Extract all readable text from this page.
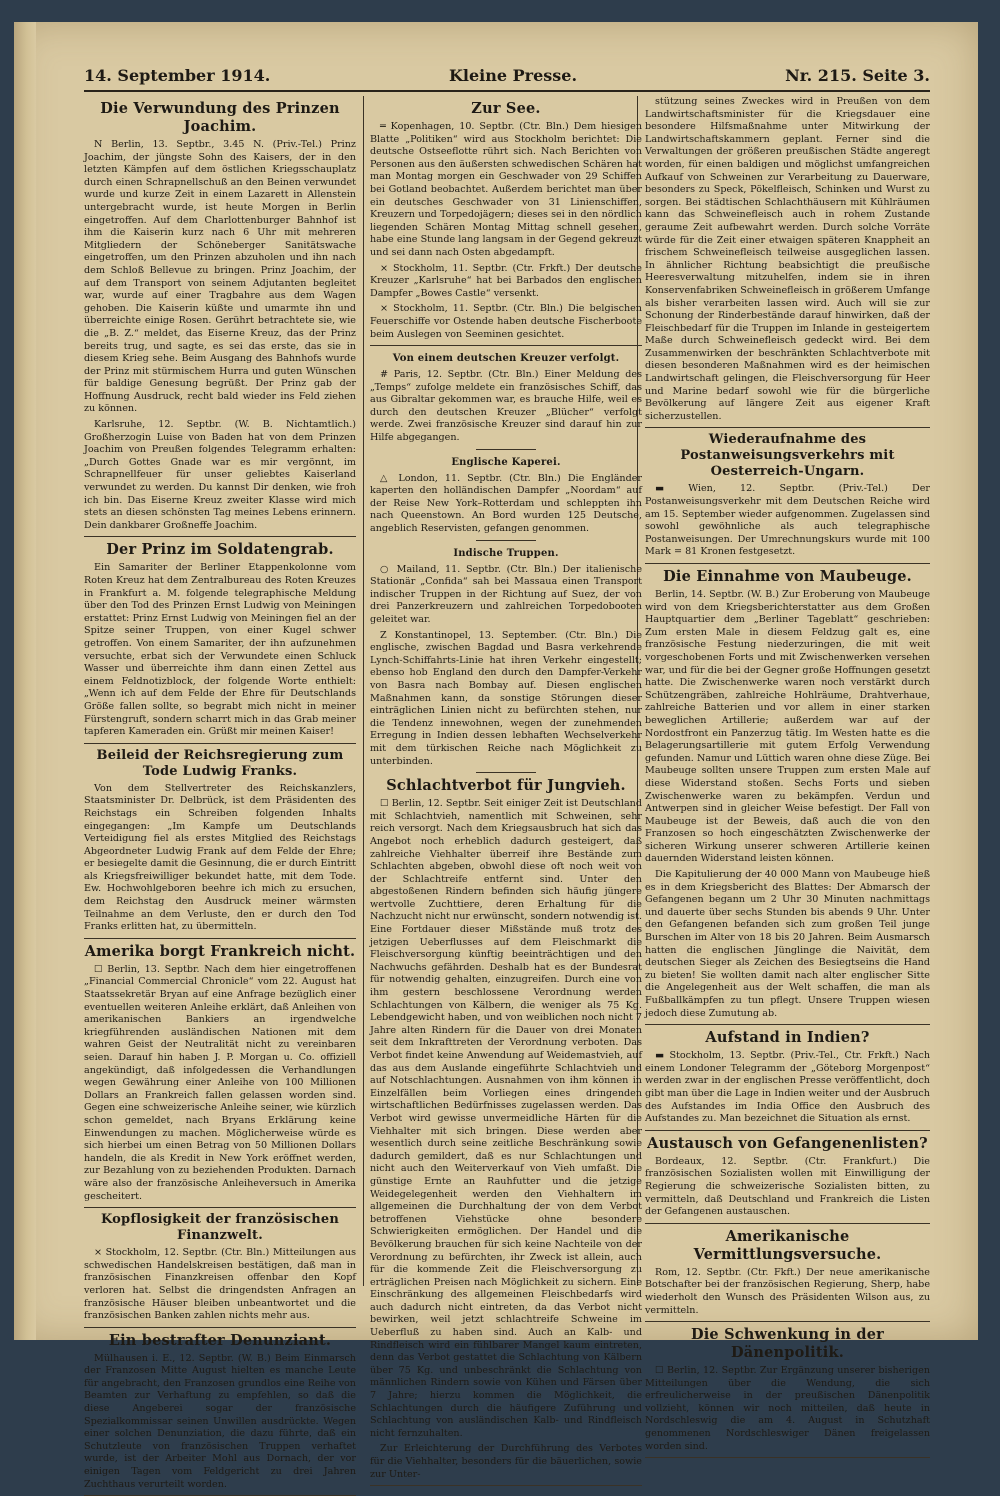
14. September 1914.	Kleine Presse.	Nr. 215. Seite 3.
Die Verwundung des Prinzen Joachim.

N Berlin, 13. Septbr., 3.45 N. (Priv.-Tel.) Prinz Joachim, der jüngste Sohn des Kaisers, der in den letzten Kämpfen auf dem östlichen Kriegsschauplatz durch einen Schrapnellschuß an den Beinen verwundet wurde und kurze Zeit in einem Lazarett in Allenstein untergebracht wurde, ist heute Morgen in Berlin eingetroffen. Auf dem Charlottenburger Bahnhof ist ihm die Kaiserin kurz nach 6 Uhr mit mehreren Mitgliedern der Schöneberger Sanitätswache eingetroffen, um den Prinzen abzuholen und ihn nach dem Schloß Bellevue zu bringen. Prinz Joachim, der auf dem Transport von seinem Adjutanten begleitet war, wurde auf einer Tragbahre aus dem Wagen gehoben. Die Kaiserin küßte und umarmte ihn und überreichte einige Rosen. Gerührt betrachtete sie, wie die „B. Z.“ meldet, das Eiserne Kreuz, das der Prinz bereits trug, und sagte, es sei das erste, das sie in diesem Krieg sehe. Beim Ausgang des Bahnhofs wurde der Prinz mit stürmischem Hurra und guten Wünschen für baldige Genesung begrüßt. Der Prinz gab der Hoffnung Ausdruck, recht bald wieder ins Feld ziehen zu können.

Karlsruhe, 12. Septbr. (W. B. Nichtamtlich.) Großherzogin Luise von Baden hat von dem Prinzen Joachim von Preußen folgendes Telegramm erhalten: „Durch Gottes Gnade war es mir vergönnt, im Schrapnellfeuer für unser geliebtes Kaiserland verwundet zu werden. Du kannst Dir denken, wie froh ich bin. Das Eiserne Kreuz zweiter Klasse wird mich stets an diesen schönsten Tag meines Lebens erinnern. Dein dankbarer Großneffe Joachim.

Der Prinz im Soldatengrab.

Ein Samariter der Berliner Etappenkolonne vom Roten Kreuz hat dem Zentralbureau des Roten Kreuzes in Frankfurt a. M. folgende telegraphische Meldung über den Tod des Prinzen Ernst Ludwig von Meiningen erstattet: Prinz Ernst Ludwig von Meiningen fiel an der Spitze seiner Truppen, von einer Kugel schwer getroffen. Von einem Samariter, der ihn aufzunehmen versuchte, erbat sich der Verwundete einen Schluck Wasser und überreichte ihm dann einen Zettel aus einem Feldnotizblock, der folgende Worte enthielt: „Wenn ich auf dem Felde der Ehre für Deutschlands Größe fallen sollte, so begrabt mich nicht in meiner Fürstengruft, sondern scharrt mich in das Grab meiner tapferen Kameraden ein. Grüßt mir meinen Kaiser!

Beileid der Reichsregierung zum Tode Ludwig Franks.

Von dem Stellvertreter des Reichskanzlers, Staatsminister Dr. Delbrück, ist dem Präsidenten des Reichstags ein Schreiben folgenden Inhalts eingegangen: „Im Kampfe um Deutschlands Verteidigung fiel als erstes Mitglied des Reichstags Abgeordneter Ludwig Frank auf dem Felde der Ehre; er besiegelte damit die Gesinnung, die er durch Eintritt als Kriegsfreiwilliger bekundet hatte, mit dem Tode. Ew. Hochwohlgeboren beehre ich mich zu ersuchen, dem Reichstag den Ausdruck meiner wärmsten Teilnahme an dem Verluste, den er durch den Tod Franks erlitten hat, zu übermitteln.

Amerika borgt Frankreich nicht.

☐ Berlin, 13. Septbr. Nach dem hier eingetroffenen „Financial Commercial Chronicle“ vom 22. August hat Staatssekretär Bryan auf eine Anfrage bezüglich einer eventuellen weiteren Anleihe erklärt, daß Anleihen von amerikanischen Bankiers an irgendwelche kriegführenden ausländischen Nationen mit dem wahren Geist der Neutralität nicht zu vereinbaren seien. Darauf hin haben J. P. Morgan u. Co. offiziell angekündigt, daß infolgedessen die Verhandlungen wegen Gewährung einer Anleihe von 100 Millionen Dollars an Frankreich fallen gelassen worden sind. Gegen eine schweizerische Anleihe seiner, wie kürzlich schon gemeldet, nach Bryans Erklärung keine Einwendungen zu machen. Möglicherweise würde es sich hierbei um einen Betrag von 50 Millionen Dollars handeln, die als Kredit in New York eröffnet werden, zur Bezahlung von zu beziehenden Produkten. Darnach wäre also der französische Anleiheversuch in Amerika gescheitert.

Kopflosigkeit der französischen Finanzwelt.

× Stockholm, 12. Septbr. (Ctr. Bln.) Mitteilungen aus schwedischen Handelskreisen bestätigen, daß man in französischen Finanzkreisen offenbar den Kopf verloren hat. Selbst die dringendsten Anfragen an französische Häuser bleiben unbeantwortet und die französischen Banken zahlen nichts mehr aus.

Ein bestrafter Denunziant.

Mülhausen i. E., 12. Septbr. (W. B.) Beim Einmarsch der Franzosen Mitte August hielten es manche Leute für angebracht, den Franzosen grundlos eine Reihe von Beamten zur Verhaftung zu empfehlen, so daß die diese Angeberei sogar der französische Spezialkommissar seinen Unwillen ausdrückte. Wegen einer solchen Denunziation, die dazu führte, daß ein Schutzleute von französischen Truppen verhaftet wurde, ist der Arbeiter Mohl aus Dornach, der vor einigen Tagen vom Feldgericht zu drei Jahren Zuchthaus verurteilt worden.

Zur See.

═ Kopenhagen, 10. Septbr. (Ctr. Bln.) Dem hiesigen Blatte „Politiken“ wird aus Stockholm berichtet: Die deutsche Ostseeflotte rührt sich. Nach Berichten von Personen aus den äußersten schwedischen Schären hat man Montag morgen ein Geschwader von 29 Schiffen bei Gotland beobachtet. Außerdem berichtet man über ein deutsches Geschwader von 31 Linienschiffen, Kreuzern und Torpedojägern; dieses sei in den nördlich liegenden Schären Montag Mittag schnell gesehen, habe eine Stunde lang langsam in der Gegend gekreuzt und sei dann nach Osten abgedampft.

× Stockholm, 11. Septbr. (Ctr. Frkft.) Der deutsche Kreuzer „Karlsruhe“ hat bei Barbados den englischen Dampfer „Bowes Castle“ versenkt.

× Stockholm, 11. Septbr. (Ctr. Bln.) Die belgischen Feuerschiffe vor Ostende haben deutsche Fischerboote beim Auslegen von Seeminen gesichtet.

Von einem deutschen Kreuzer verfolgt.

# Paris, 12. Septbr. (Ctr. Bln.) Einer Meldung des „Temps“ zufolge meldete ein französisches Schiff, das aus Gibraltar gekommen war, es brauche Hilfe, weil es durch den deutschen Kreuzer „Blücher“ verfolgt werde. Zwei französische Kreuzer sind darauf hin zur Hilfe abgegangen.

Englische Kaperei.

△ London, 11. Septbr. (Ctr. Bln.) Die Engländer kaperten den holländischen Dampfer „Noordam“ auf der Reise New York–Rotterdam und schleppten ihn nach Queenstown. An Bord wurden 125 Deutsche, angeblich Reservisten, gefangen genommen.

Indische Truppen.

○ Mailand, 11. Septbr. (Ctr. Bln.) Der italienische Stationär „Confida“ sah bei Massaua einen Transport indischer Truppen in der Richtung auf Suez, der von drei Panzerkreuzern und zahlreichen Torpedobooten geleitet war.

Z Konstantinopel, 13. September. (Ctr. Bln.) Die englische, zwischen Bagdad und Basra verkehrende Lynch-Schiffahrts-Linie hat ihren Verkehr eingestellt; ebenso hob England den durch den Dampfer-Verkehr von Basra nach Bombay auf. Diesen englischen Maßnahmen kann, da sonstige Störungen dieser einträglichen Linien nicht zu befürchten stehen, nur die Tendenz innewohnen, wegen der zunehmenden Erregung in Indien dessen lebhaften Wechselverkehr mit dem türkischen Reiche nach Möglichkeit zu unterbinden.

Schlachtverbot für Jungvieh.

☐ Berlin, 12. Septbr. Seit einiger Zeit ist Deutschland mit Schlachtvieh, namentlich mit Schweinen, sehr reich versorgt. Nach dem Kriegsausbruch hat sich das Angebot noch erheblich dadurch gesteigert, daß zahlreiche Viehhalter überreif ihre Bestände zum Schlachten abgeben, obwohl diese oft noch weit von der Schlachtreife entfernt sind. Unter den abgestoßenen Rindern befinden sich häufig jüngere wertvolle Zuchttiere, deren Erhaltung für die Nachzucht nicht nur erwünscht, sondern notwendig ist. Eine Fortdauer dieser Mißstände muß trotz des jetzigen Ueberflusses auf dem Fleischmarkt die Fleischversorgung künftig beeinträchtigen und den Nachwuchs gefährden. Deshalb hat es der Bundesrat für notwendig gehalten, einzugreifen. Durch eine von ihm gestern beschlossene Verordnung werden Schlachtungen von Kälbern, die weniger als 75 Kg. Lebendgewicht haben, und von weiblichen noch nicht 7 Jahre alten Rindern für die Dauer von drei Monaten seit dem Inkrafttreten der Verordnung verboten. Das Verbot findet keine Anwendung auf Weidemastvieh, auf das aus dem Auslande eingeführte Schlachtvieh und auf Notschlachtungen. Ausnahmen von ihm können in Einzelfällen beim Vorliegen eines dringenden wirtschaftlichen Bedürfnisses zugelassen werden. Das Verbot wird gewisse unvermeidliche Härten für die Viehhalter mit sich bringen. Diese werden aber wesentlich durch seine zeitliche Beschränkung sowie dadurch gemildert, daß es nur Schlachtungen und nicht auch den Weiterverkauf von Vieh umfaßt. Die günstige Ernte an Rauhfutter und die jetzige Weidegelegenheit werden den Viehhaltern im allgemeinen die Durchhaltung der von dem Verbot betroffenen Viehstücke ohne besondere Schwierigkeiten ermöglichen. Der Handel und die Bevölkerung brauchen für sich keine Nachteile von der Verordnung zu befürchten, ihr Zweck ist allein, auch für die kommende Zeit die Fleischversorgung zu erträglichen Preisen nach Möglichkeit zu sichern. Eine Einschränkung des allgemeinen Fleischbedarfs wird auch dadurch nicht eintreten, da das Verbot nicht bewirken, weil jetzt schlachtreife Schweine im Ueberfluß zu haben sind. Auch an Kalb- und Rindfleisch wird ein fühlbarer Mangel kaum eintreten, denn das Verbot gestattet die Schlachtung von Kälbern über 75 Kg. und unbeschränkt die Schlachtung von männlichen Rindern sowie von Kühen und Färsen über 7 Jahre; hierzu kommen die Möglichkeit, die Schlachtungen durch die häufigere Zuführung und Schlachtung von ausländischen Kalb- und Rindfleisch nicht fernzuhalten.

Zur Erleichterung der Durchführung des Verbotes für die Viehhalter, besonders für die bäuerlichen, sowie zur Unter-

stützung seines Zweckes wird in Preußen von dem Landwirtschaftsminister für die Kriegsdauer eine besondere Hilfsmaßnahme unter Mitwirkung der Landwirtschaftskammern geplant. Ferner sind die Verwaltungen der größeren preußischen Städte angeregt worden, für einen baldigen und möglichst umfangreichen Aufkauf von Schweinen zur Verarbeitung zu Dauerware, besonders zu Speck, Pökelfleisch, Schinken und Wurst zu sorgen. Bei städtischen Schlachthäusern mit Kühlräumen kann das Schweinefleisch auch in rohem Zustande geraume Zeit aufbewahrt werden. Durch solche Vorräte würde für die Zeit einer etwaigen späteren Knappheit an frischem Schweinefleisch teilweise ausgeglichen lassen. In ähnlicher Richtung beabsichtigt die preußische Heeresverwaltung mitzuhelfen, indem sie in ihren Konservenfabriken Schweinefleisch in größerem Umfange als bisher verarbeiten lassen wird. Auch will sie zur Schonung der Rinderbestände darauf hinwirken, daß der Fleischbedarf für die Truppen im Inlande in gesteigertem Maße durch Schweinefleisch gedeckt wird. Bei dem Zusammenwirken der beschränkten Schlachtverbote mit diesen besonderen Maßnahmen wird es der heimischen Landwirtschaft gelingen, die Fleischversorgung für Heer und Marine bedarf sowohl wie für die bürgerliche Bevölkerung auf längere Zeit aus eigener Kraft sicherzustellen.

Wiederaufnahme des Postanweisungsverkehrs mit Oesterreich-Ungarn.

▬ Wien, 12. Septbr. (Priv.-Tel.) Der Postanweisungsverkehr mit dem Deutschen Reiche wird am 15. September wieder aufgenommen. Zugelassen sind sowohl gewöhnliche als auch telegraphische Postanweisungen. Der Umrechnungskurs wurde mit 100 Mark = 81 Kronen festgesetzt.

Die Einnahme von Maubeuge.

Berlin, 14. Septbr. (W. B.) Zur Eroberung von Maubeuge wird von dem Kriegsberichterstatter aus dem Großen Hauptquartier dem „Berliner Tageblatt“ geschrieben: Zum ersten Male in diesem Feldzug galt es, eine französische Festung niederzuringen, die mit weit vorgeschobenen Forts und mit Zwischenwerken versehen war, und für die bei der Gegner große Hoffnungen gesetzt hatte. Die Zwischenwerke waren noch verstärkt durch Schützengräben, zahlreiche Hohlräume, Drahtverhaue, zahlreiche Batterien und vor allem in einer starken beweglichen Artillerie; außerdem war auf der Nordostfront ein Panzerzug tätig. Im Westen hatte es die Belagerungsartillerie mit gutem Erfolg Verwendung gefunden. Namur und Lüttich waren ohne diese Züge. Bei Maubeuge sollten unsere Truppen zum ersten Male auf diese Widerstand stoßen. Sechs Forts und sieben Zwischenwerke waren zu bekämpfen. Verdun und Antwerpen sind in gleicher Weise befestigt. Der Fall von Maubeuge ist der Beweis, daß auch die von den Franzosen so hoch eingeschätzten Zwischenwerke der sicheren Wirkung unserer schweren Artillerie keinen dauernden Widerstand leisten können.

Die Kapitulierung der 40 000 Mann von Maubeuge hieß es in dem Kriegsbericht des Blattes: Der Abmarsch der Gefangenen begann um 2 Uhr 30 Minuten nachmittags und dauerte über sechs Stunden bis abends 9 Uhr. Unter den Gefangenen befanden sich zum großen Teil junge Burschen im Alter von 18 bis 20 Jahren. Beim Ausmarsch hatten die englischen Jünglinge die Naivität, dem deutschen Sieger als Zeichen des Besiegtseins die Hand zu bieten! Sie wollten damit nach alter englischer Sitte die Angelegenheit aus der Welt schaffen, die man als Fußballkämpfen zu tun pflegt. Unsere Truppen wiesen jedoch diese Zumutung ab.

Aufstand in Indien?

▬ Stockholm, 13. Septbr. (Priv.-Tel., Ctr. Frkft.) Nach einem Londoner Telegramm der „Göteborg Morgenpost“ werden zwar in der englischen Presse veröffentlicht, doch gibt man über die Lage in Indien weiter und der Ausbruch des Aufstandes im India Office den Ausbruch des Aufstandes zu. Man bezeichnet die Situation als ernst.

Austausch von Gefangenenlisten?

Bordeaux, 12. Septbr. (Ctr. Frankfurt.) Die französischen Sozialisten wollen mit Einwilligung der Regierung die schweizerische Sozialisten bitten, zu vermitteln, daß Deutschland und Frankreich die Listen der Gefangenen austauschen.

Amerikanische Vermittlungsversuche.

Rom, 12. Septbr. (Ctr. Fkft.) Der neue amerikanische Botschafter bei der französischen Regierung, Sherp, habe wiederholt den Wunsch des Präsidenten Wilson aus, zu vermitteln.

Die Schwenkung in der Dänenpolitik.

☐ Berlin, 12. Septbr. Zur Ergänzung unserer bisherigen Mitteilungen über die Wendung, die sich erfreulicherweise in der preußischen Dänenpolitik vollzieht, können wir noch mitteilen, daß heute in Nordschleswig die am 4. August in Schutzhaft genommenen Nordschleswiger Dänen freigelassen worden sind.
